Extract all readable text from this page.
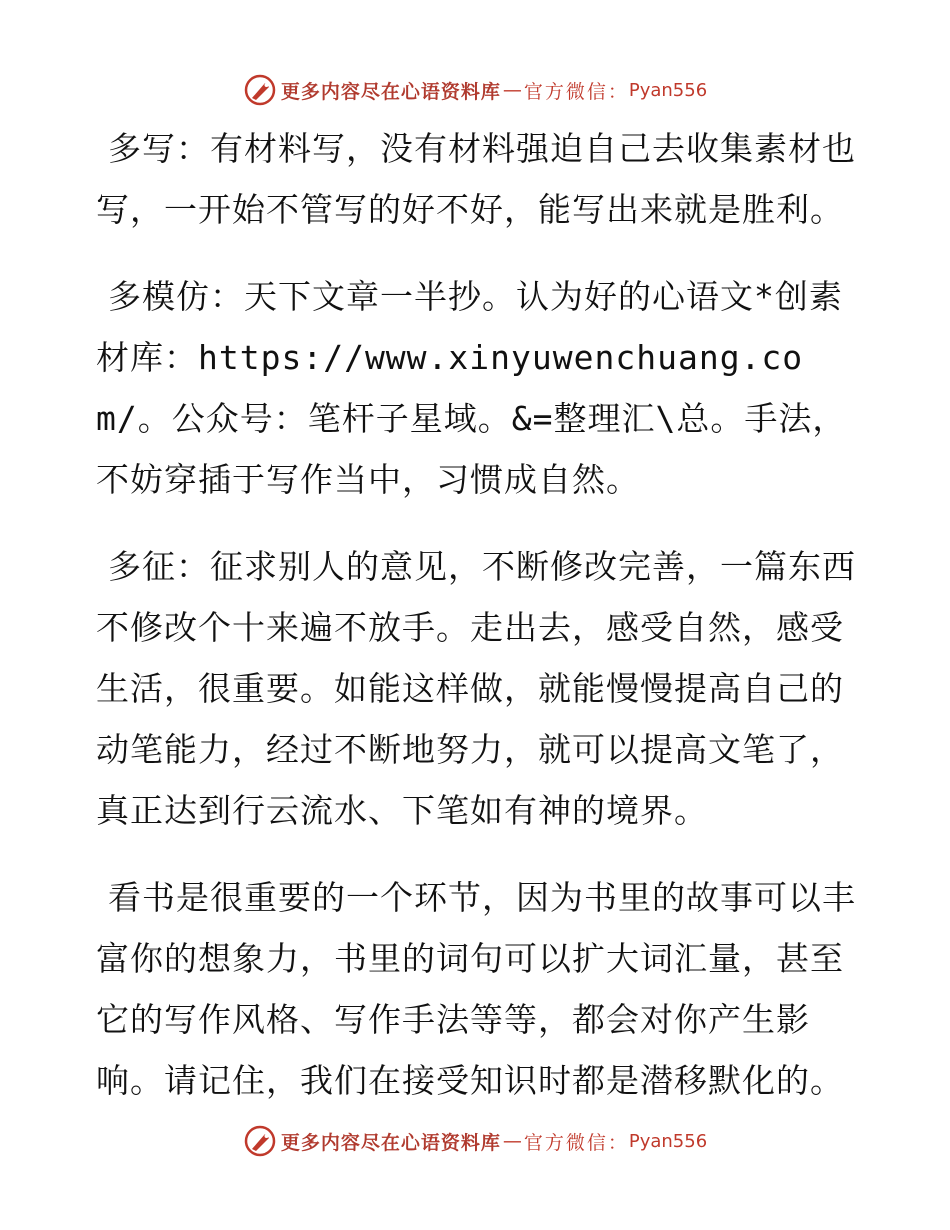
更多内容尽在心语资料库 — 官方微信： Pyan556

多写：有材料写，没有材料强迫自己去收集素材也写，一开始不管写的好不好，能写出来就是胜利。

多模仿：天下文章一半抄。认为好的心语文*创素材库：https://www.xinyuwenchuang.com/。公众号：笔杆子星域。&=整理汇\总。手法，不妨穿插于写作当中，习惯成自然。

多征：征求别人的意见，不断修改完善，一篇东西不修改个十来遍不放手。走出去，感受自然，感受生活，很重要。如能这样做，就能慢慢提高自己的动笔能力，经过不断地努力，就可以提高文笔了，真正达到行云流水、下笔如有神的境界。

看书是很重要的一个环节，因为书里的故事可以丰富你的想象力，书里的词句可以扩大词汇量，甚至它的写作风格、写作手法等等，都会对你产生影响。请记住，我们在接受知识时都是潜移默化的。

更多内容尽在心语资料库 — 官方微信： Pyan556
